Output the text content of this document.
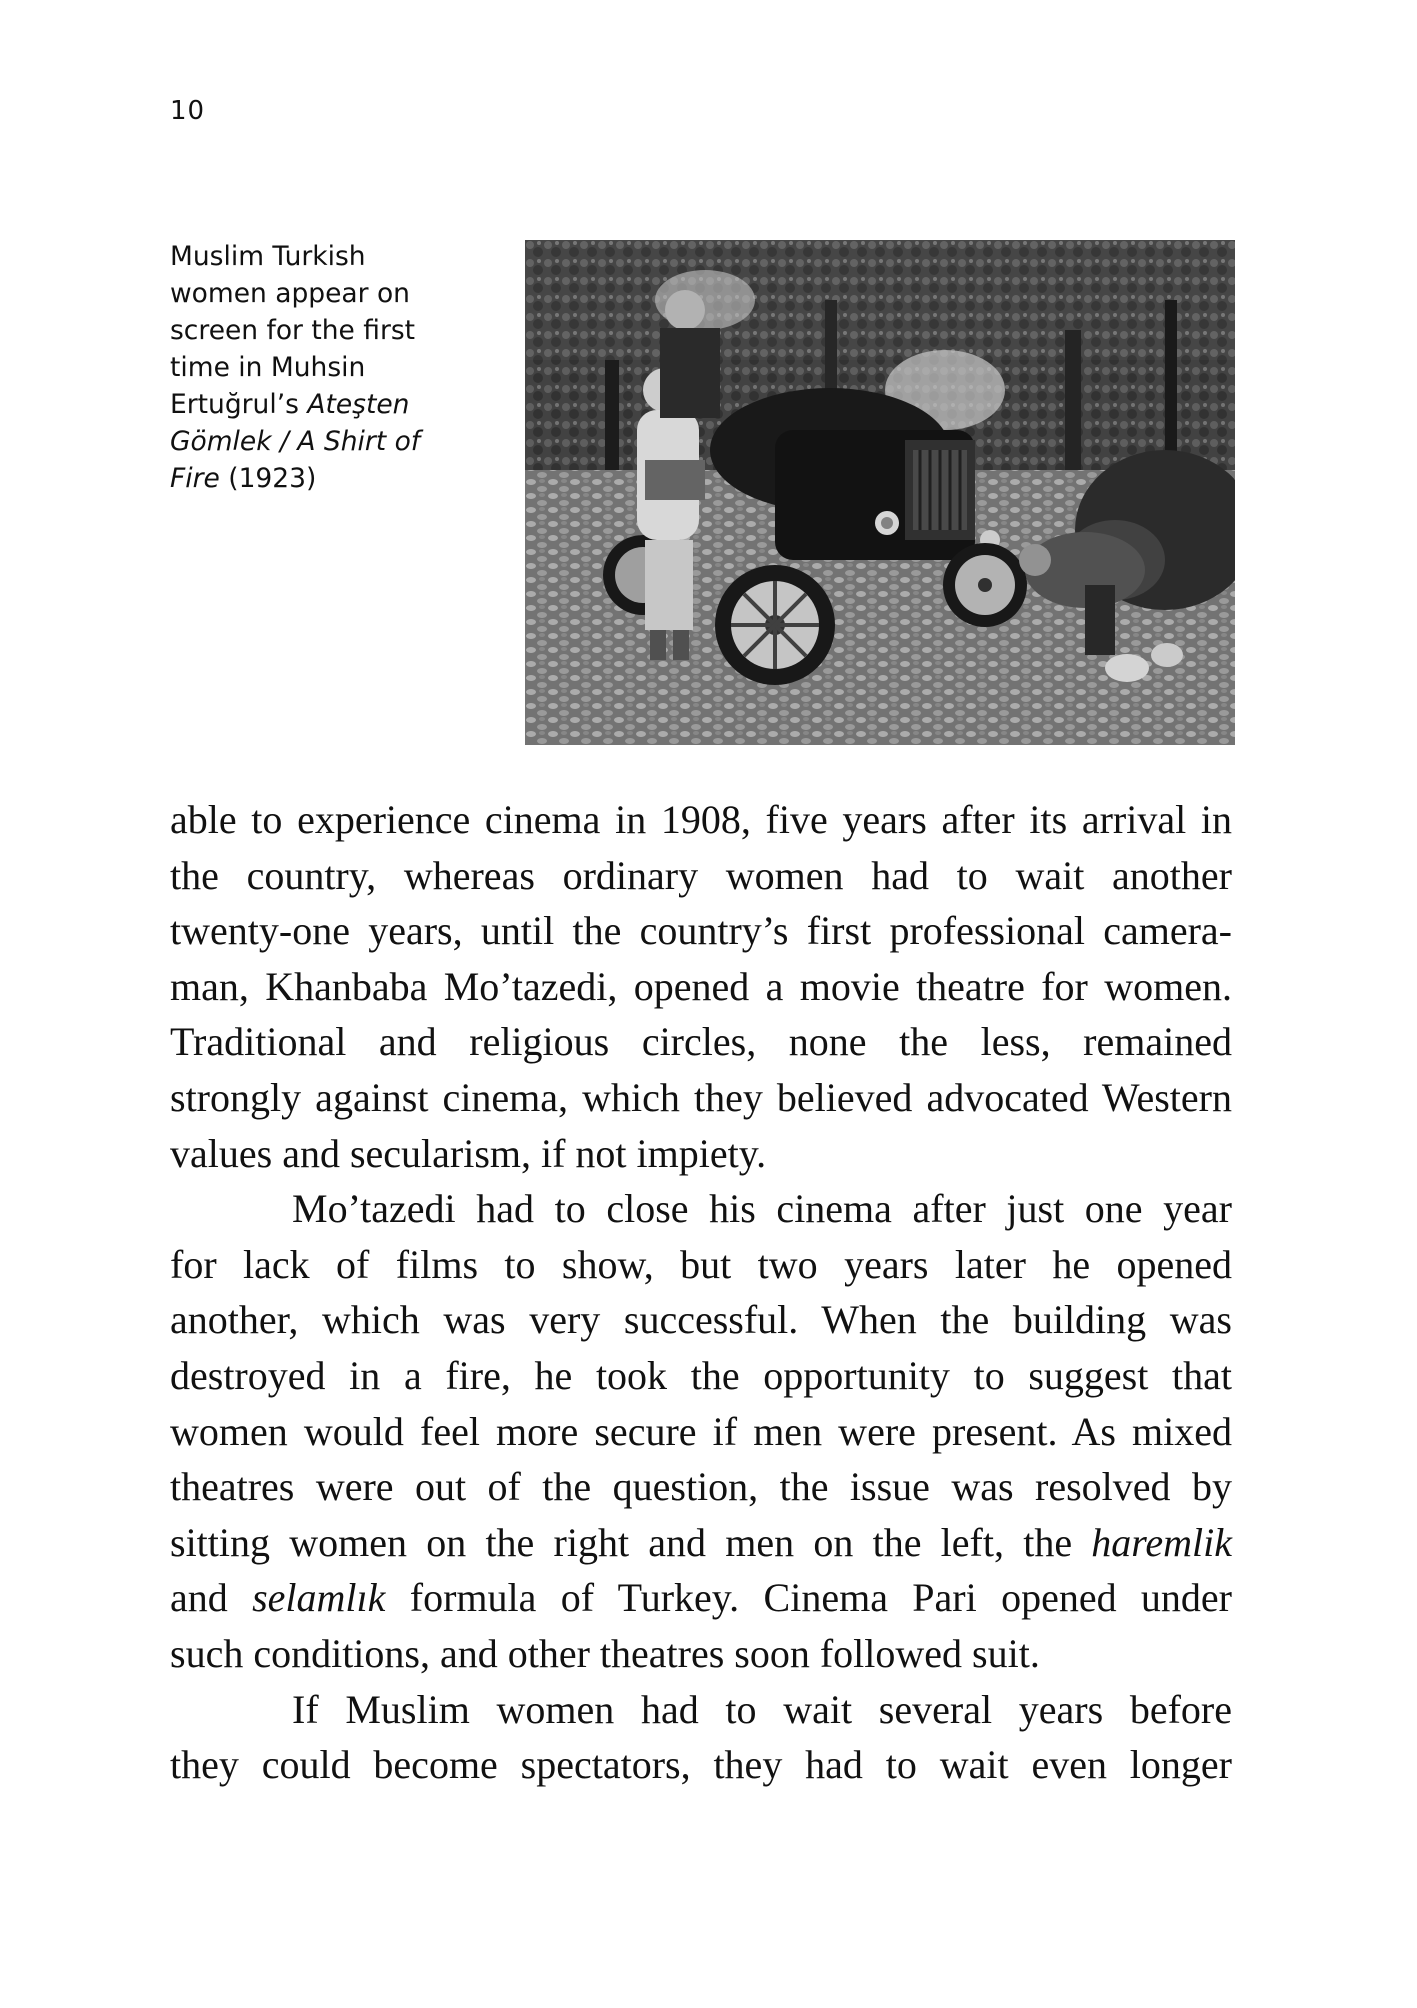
10
Muslim Turkish
women appear on
screen for the first
time in Muhsin
Ertuğrul’s Ateşten
Gömlek / A Shirt of
Fire (1923)
able to experience cinema in 1908, five years after its arrival in
the country, whereas ordinary women had to wait another
twenty-one years, until the country’s first professional camera-
man, Khanbaba Mo’tazedi, opened a movie theatre for women.
Traditional and religious circles, none the less, remained
strongly against cinema, which they believed advocated Western
values and secularism, if not impiety.
Mo’tazedi had to close his cinema after just one year
for lack of films to show, but two years later he opened
another, which was very successful. When the building was
destroyed in a fire, he took the opportunity to suggest that
women would feel more secure if men were present. As mixed
theatres were out of the question, the issue was resolved by
sitting women on the right and men on the left, the haremlik
and selamlık formula of Turkey. Cinema Pari opened under
such conditions, and other theatres soon followed suit.
If Muslim women had to wait several years before
they could become spectators, they had to wait even longer
